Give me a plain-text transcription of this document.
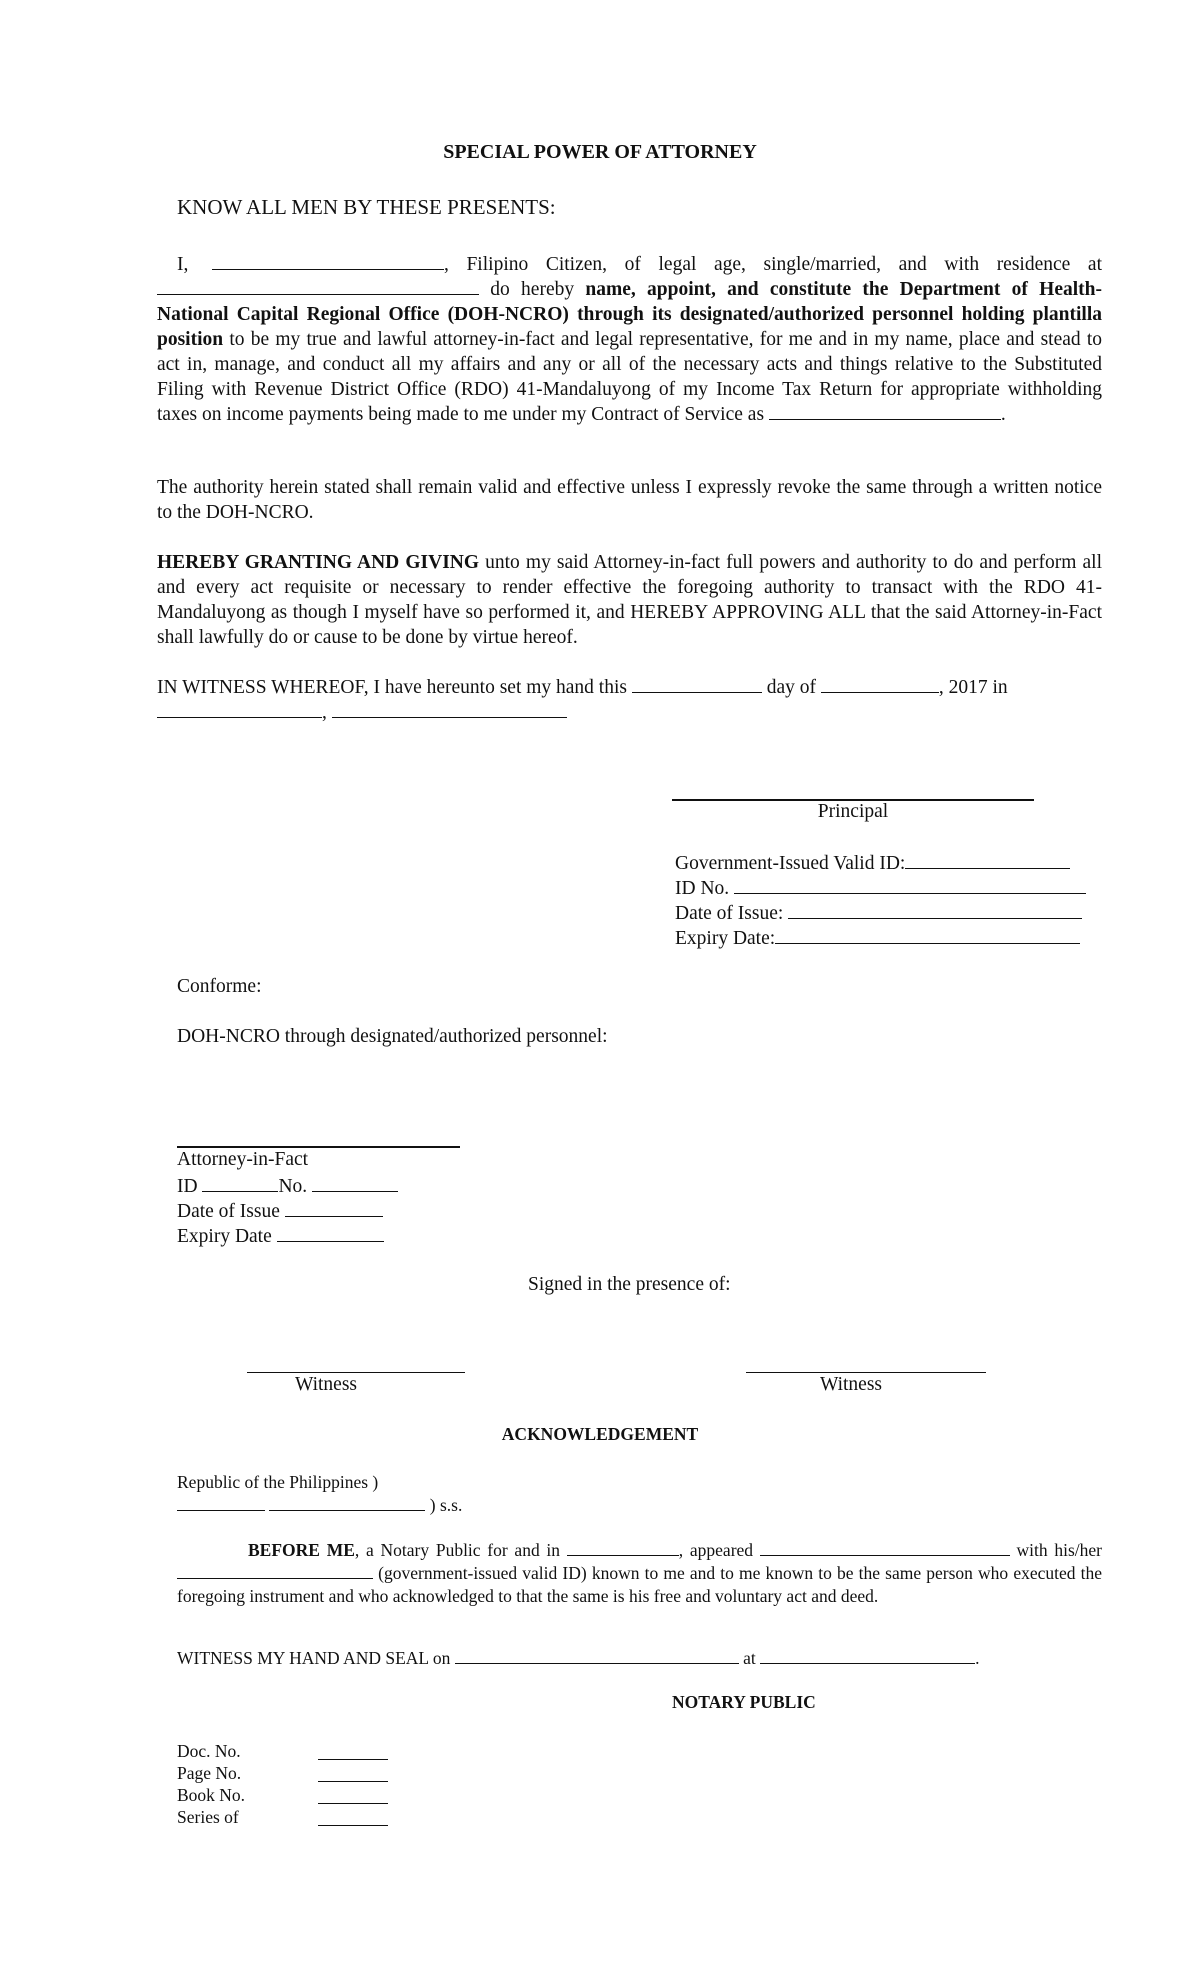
SPECIAL POWER OF ATTORNEY
KNOW ALL MEN BY THESE PRESENTS:
I,	, Filipino Citizen, of legal age, single/married, and with residence at  do hereby name, appoint, and constitute the Department of Health-National Capital Regional Office (DOH-NCRO) through its designated/authorized personnel holding plantilla position to be my true and lawful attorney-in-fact and legal representative, for me and in my name, place and stead to act in, manage, and conduct all my affairs and any or all of the necessary acts and things relative to the Substituted Filing with Revenue District Office (RDO) 41-Mandaluyong of my Income Tax Return for appropriate withholding taxes on income payments being made to me under my Contract of Service as	.
The authority herein stated shall remain valid and effective unless I expressly revoke the same through a written notice to the DOH-NCRO.
HEREBY GRANTING AND GIVING unto my said Attorney-in-fact full powers and authority to do and perform all and every act requisite or necessary to render effective the foregoing authority to transact with the RDO 41-Mandaluyong as though I myself have so performed it, and HEREBY APPROVING ALL that the said Attorney-in-Fact shall lawfully do or cause to be done by virtue hereof.
IN WITNESS WHEREOF, I have hereunto set my hand this	day of	, 2017 in
,
Principal
Government-Issued Valid ID:
ID No.
Date of Issue:
Expiry Date:
Conforme:
DOH-NCRO through designated/authorized personnel:
Attorney-in-Fact
ID	No.
Date of Issue
Expiry Date
Signed in the presence of:
Witness	Witness
ACKNOWLEDGEMENT
Republic of the Philippines )
) s.s.
BEFORE ME, a Notary Public for and in	, appeared	with his/her  (government-issued valid ID) known to me and to me known to be the same person who executed the foregoing instrument and who acknowledged to that the same is his free and voluntary act and deed.
WITNESS MY HAND AND SEAL on	at	.
NOTARY PUBLIC
Doc. No.
Page No.
Book No.
Series of
